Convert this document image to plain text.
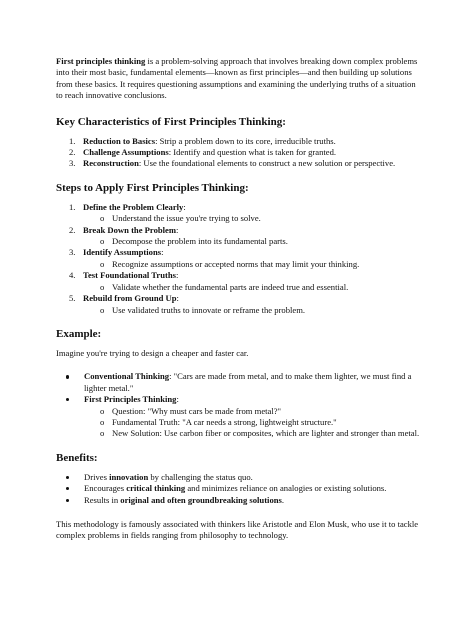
First principles thinking is a problem-solving approach that involves breaking down complex problems into their most basic, fundamental elements—known as first principles—and then building up solutions from these basics. It requires questioning assumptions and examining the underlying truths of a situation to reach innovative conclusions.

Key Characteristics of First Principles Thinking:
1. Reduction to Basics: Strip a problem down to its core, irreducible truths.
2. Challenge Assumptions: Identify and question what is taken for granted.
3. Reconstruction: Use the foundational elements to construct a new solution or perspective.
Steps to Apply First Principles Thinking:
1. Define the Problem Clearly:
o Understand the issue you're trying to solve.
2. Break Down the Problem:
o Decompose the problem into its fundamental parts.
3. Identify Assumptions:
o Recognize assumptions or accepted norms that may limit your thinking.
4. Test Foundational Truths:
o Validate whether the fundamental parts are indeed true and essential.
5. Rebuild from Ground Up:
o Use validated truths to innovate or reframe the problem.
Example:

Imagine you're trying to design a cheaper and faster car.

Conventional Thinking: "Cars are made from metal, and to make them lighter, we must find a lighter metal."
First Principles Thinking:
o Question: "Why must cars be made from metal?"
o Fundamental Truth: "A car needs a strong, lightweight structure."
o New Solution: Use carbon fiber or composites, which are lighter and stronger than metal.
Benefits:
Drives innovation by challenging the status quo.
Encourages critical thinking and minimizes reliance on analogies or existing solutions.
Results in original and often groundbreaking solutions.

This methodology is famously associated with thinkers like Aristotle and Elon Musk, who use it to tackle complex problems in fields ranging from philosophy to technology.
